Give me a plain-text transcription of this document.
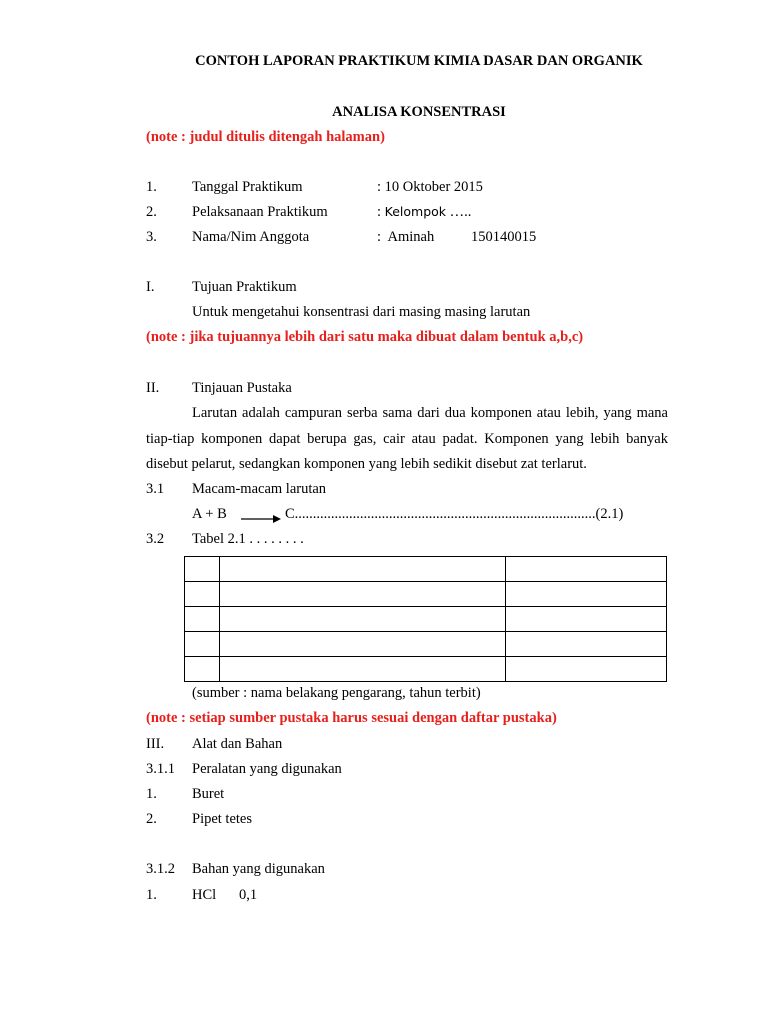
CONTOH LAPORAN PRAKTIKUM KIMIA DASAR DAN ORGANIK
ANALISA KONSENTRASI
(note : judul ditulis ditengah halaman)
1. Tanggal Praktikum	: 10 Oktober 2015
2. Pelaksanaan Praktikum	: Kelompok …..
3. Nama/Nim Anggota	:  Aminah	150140015
I.	Tujuan Praktikum
Untuk mengetahui konsentrasi dari masing masing larutan
(note : jika tujuannya lebih dari satu maka dibuat dalam bentuk a,b,c)
II. Tinjauan Pustaka
Larutan adalah campuran serba sama dari dua komponen atau lebih, yang mana
tiap-tiap komponen dapat berupa gas, cair atau padat. Komponen yang lebih banyak
disebut pelarut, sedangkan komponen yang lebih sedikit disebut zat terlarut.
3.1 Macam-macam larutan
A + B → C...................................................................................(2.1)
3.2 Tabel 2.1 . . . . . . . .

(sumber : nama belakang pengarang, tahun terbit)
(note : setiap sumber pustaka harus sesuai dengan daftar pustaka)
III. Alat dan Bahan
3.1.1 Peralatan yang digunakan
1. Buret
2. Pipet tetes
3.1.2 Bahan yang digunakan
1. HCl 0,1
